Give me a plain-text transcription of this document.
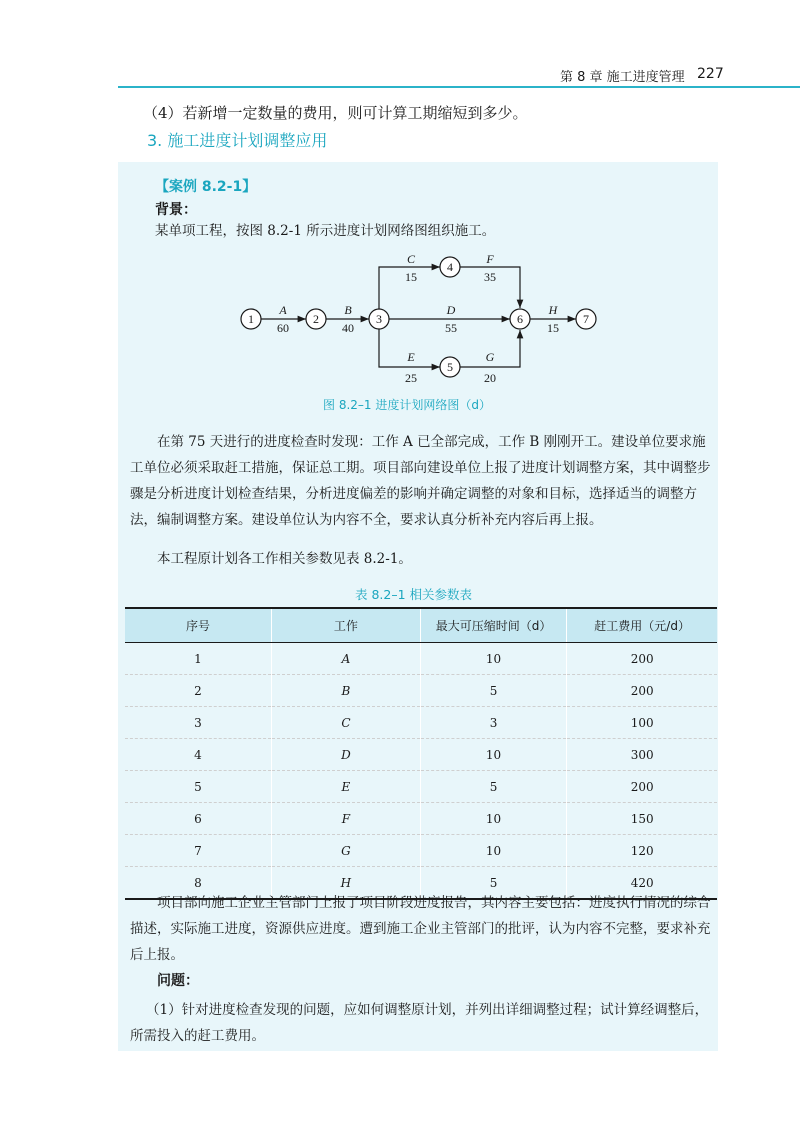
第 8 章 施工进度管理 227
（4）若新增一定数量的费用，则可计算工期缩短到多少。
3. 施工进度计划调整应用
【案例 8.2-1】
背景：
某单项工程，按图 8.2-1 所示进度计划网络图组织施工。
1	2	3
4
5
6	7
A
60
B
40
C
15
F
35
D
55
E
25
G
20
H
15
图 8.2–1 进度计划网络图（d）
在第 75 天进行的进度检查时发现：工作 A 已全部完成，工作 B 刚刚开工。建设单位要求施工单位必须采取赶工措施，保证总工期。项目部向建设单位上报了进度计划调整方案，其中调整步骤是分析进度计划检查结果，分析进度偏差的影响并确定调整的对象和目标，选择适当的调整方法，编制调整方案。建设单位认为内容不全，要求认真分析补充内容后再上报。
本工程原计划各工作相关参数见表 8.2-1。
表 8.2–1 相关参数表
序号	工作	最大可压缩时间（d）	赶工费用（元/d）
1	A	10	200
2	B	5	200
3	C	3	100
4	D	10	300
5	E	5	200
6	F	10	150
7	G	10	120
8	H	5	420
项目部向施工企业主管部门上报了项目阶段进度报告，其内容主要包括：进度执行情况的综合描述，实际施工进度，资源供应进度。遭到施工企业主管部门的批评，认为内容不完整，要求补充后上报。
问题：
（1）针对进度检查发现的问题，应如何调整原计划，并列出详细调整过程；试计算经调整后，所需投入的赶工费用。
